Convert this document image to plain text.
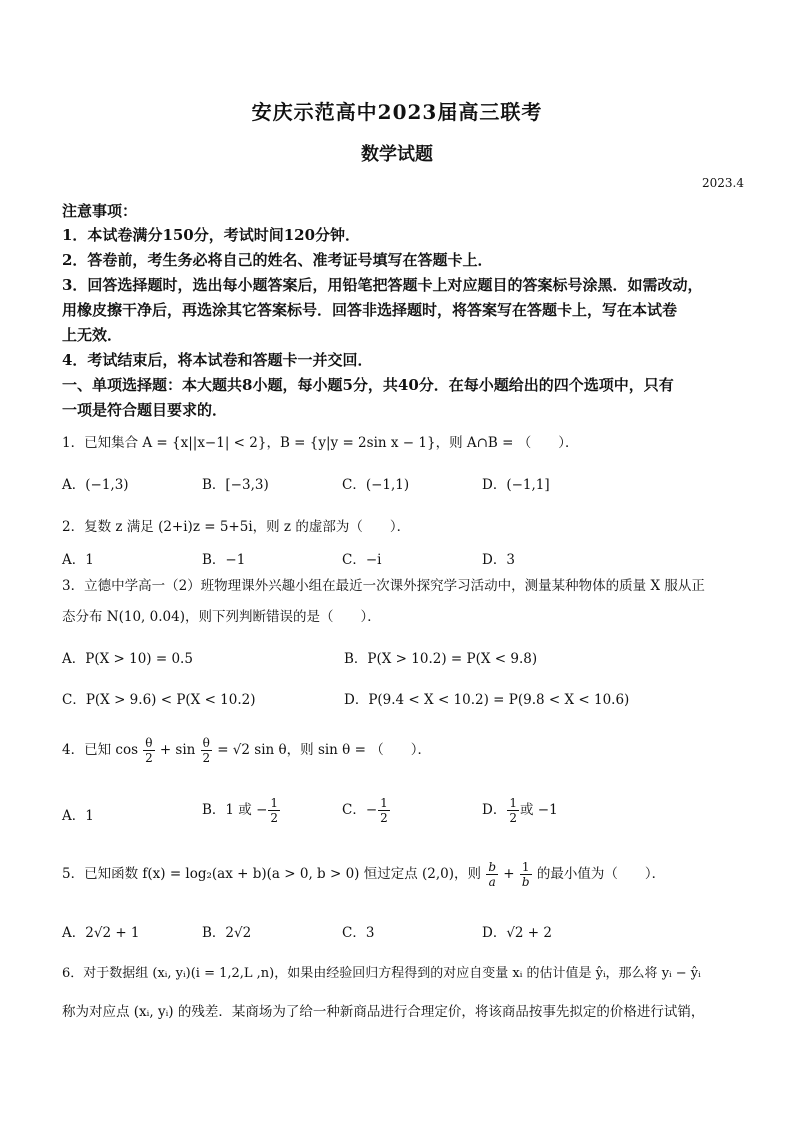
安庆示范高中2023届高三联考
数学试题
2023.4
注意事项：
1．本试卷满分150分，考试时间120分钟．
2．答卷前，考生务必将自己的姓名、准考证号填写在答题卡上．
3．回答选择题时，选出每小题答案后，用铅笔把答题卡上对应题目的答案标号涂黑．如需改动，
用橡皮擦干净后，再选涂其它答案标号．回答非选择题时，将答案写在答题卡上，写在本试卷
上无效．
4．考试结束后，将本试卷和答题卡一并交回．
一、单项选择题：本大题共8小题，每小题5分，共40分．在每小题给出的四个选项中，只有
一项是符合题目要求的．
1．已知集合 A = {x||x−1| < 2}，B = {y|y = 2sin x − 1}，则 A∩B = （　　）．
A．(−1,3)	B．[−3,3)	C．(−1,1)	D．(−1,1]
2．复数 z 满足 (2+i)z = 5+5i，则 z 的虚部为（　　）．
A．1	B．−1	C．−i	D．3
3．立德中学高一（2）班物理课外兴趣小组在最近一次课外探究学习活动中，测量某种物体的质量 X 服从正
态分布 N(10, 0.04)，则下列判断错误的是（　　）．
A．P(X > 10) = 0.5	B．P(X > 10.2) = P(X < 9.8)
C．P(X > 9.6) < P(X < 10.2)	D．P(9.4 < X < 10.2) = P(9.8 < X < 10.6)
4．已知 $\cos \frac{\theta}{2} + \sin \frac{\theta}{2} = √2$ sin θ，则 sin θ = （　　）．
A．1	B．1 或 − $\frac{1}{2}$	C．− $\frac{1}{2}$	D． $\frac{1}{2}$ 或 −1
5．已知函数 f(x) = log₂(ax + b)(a > 0, b > 0) 恒过定点 (2,0)，则 $\frac{b}{a} + \frac{1}{b}$ 的最小值为（　　）．
A．2√2 + 1	B．2√2	C．3	D．√2 + 2
6．对于数据组 (xᵢ, yᵢ)(i = 1,2,L ,n)，如果由经验回归方程得到的对应自变量 xᵢ 的估计值是 ŷᵢ，那么将 yᵢ − ŷᵢ
称为对应点 (xᵢ, yᵢ) 的残差．某商场为了给一种新商品进行合理定价，将该商品按事先拟定的价格进行试销，
